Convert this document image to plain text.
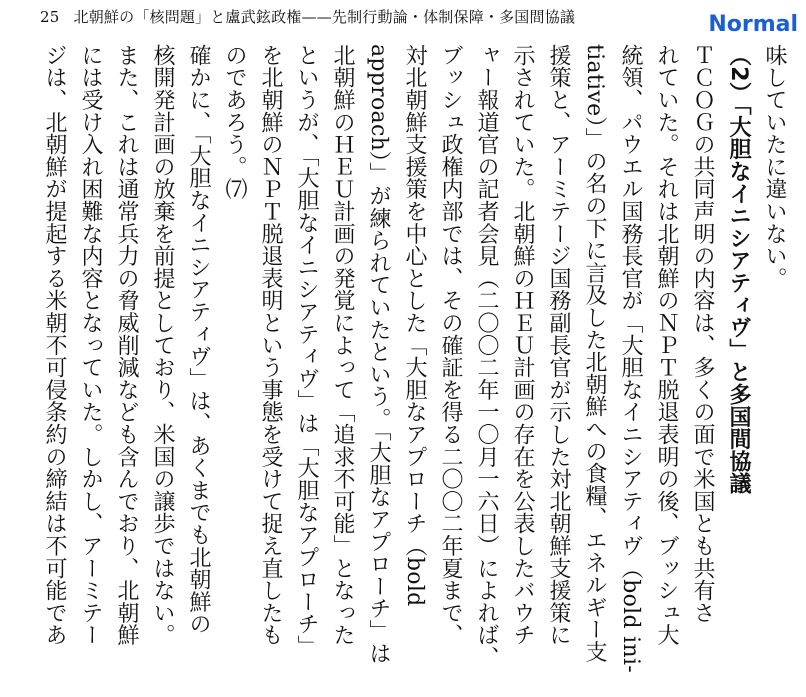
25 北朝鮮の「核問題」と盧武鉉政権——先制行動論・体制保障・多国間協議	Normal
味していたに違いない。
（2）「大胆なイニシアティヴ」と多国間協議
ＴＣＯＧの共同声明の内容は、多くの面で米国とも共有さ
れていた。それは北朝鮮のＮＰＴ脱退表明の後、ブッシュ大
統領、パウエル国務長官が「大胆なイニシアティヴ（bold ini-
tiative）」の名の下に言及した北朝鮮への食糧、エネルギー支
援策と、アーミテージ国務副長官が示した対北朝鮮支援策に
示されていた。北朝鮮のＨＥＵ計画の存在を公表したバウチ
ャー報道官の記者会見（二〇〇二年一〇月一六日）によれば、
ブッシュ政権内部では、その確証を得る二〇〇二年夏まで、
対北朝鮮支援策を中心とした「大胆なアプローチ（bold
approach）」が練られていたという。「大胆なアプローチ」は
北朝鮮のＨＥＵ計画の発覚によって「追求不可能」となった
というが、「大胆なイニシアティヴ」は「大胆なアプローチ」
を北朝鮮のＮＰＴ脱退表明という事態を受けて捉え直したも
のであろう。⑺
確かに、「大胆なイニシアティヴ」は、あくまでも北朝鮮の
核開発計画の放棄を前提としており、米国の譲歩ではない。
また、これは通常兵力の脅威削減なども含んでおり、北朝鮮
には受け入れ困難な内容となっていた。しかし、アーミテー
ジは、北朝鮮が提起する米朝不可侵条約の締結は不可能であ
